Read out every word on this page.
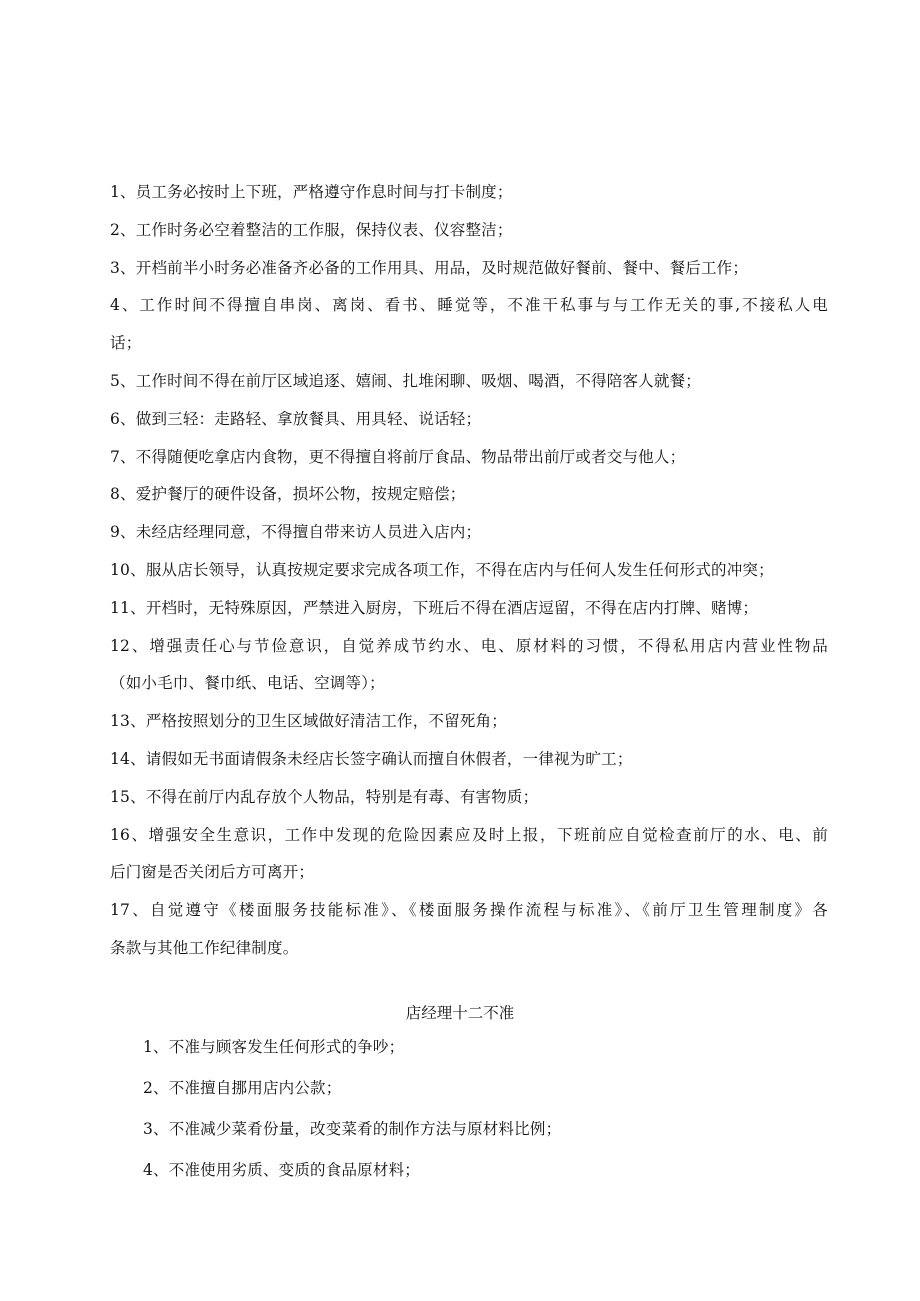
1、员工务必按时上下班，严格遵守作息时间与打卡制度；
2、工作时务必空着整洁的工作服，保持仪表、仪容整洁；
3、开档前半小时务必准备齐必备的工作用具、用品，及时规范做好餐前、餐中、餐后工作；
4、工作时间不得擅自串岗、离岗、看书、睡觉等，不准干私事与与工作无关的事,不接私人电
话；
5、工作时间不得在前厅区域追逐、嬉闹、扎堆闲聊、吸烟、喝酒，不得陪客人就餐；
6、做到三轻：走路轻、拿放餐具、用具轻、说话轻；
7、不得随便吃拿店内食物，更不得擅自将前厅食品、物品带出前厅或者交与他人；
8、爱护餐厅的硬件设备，损坏公物，按规定赔偿；
9、未经店经理同意，不得擅自带来访人员进入店内；
10、服从店长领导，认真按规定要求完成各项工作，不得在店内与任何人发生任何形式的冲突；
11、开档时，无特殊原因，严禁进入厨房，下班后不得在酒店逗留，不得在店内打牌、赌博；
12、增强责任心与节俭意识，自觉养成节约水、电、原材料的习惯，不得私用店内营业性物品
（如小毛巾、餐巾纸、电话、空调等）；
13、严格按照划分的卫生区域做好清洁工作，不留死角；
14、请假如无书面请假条未经店长签字确认而擅自休假者，一律视为旷工；
15、不得在前厅内乱存放个人物品，特别是有毒、有害物质；
16、增强安全生意识，工作中发现的危险因素应及时上报，下班前应自觉检查前厅的水、电、前
后门窗是否关闭后方可离开；
17、自觉遵守《楼面服务技能标准》、《楼面服务操作流程与标准》、《前厅卫生管理制度》各
条款与其他工作纪律制度。
店经理十二不准
1、不准与顾客发生任何形式的争吵；
2、不准擅自挪用店内公款；
3、不准减少菜肴份量，改变菜肴的制作方法与原材料比例；
4、不准使用劣质、变质的食品原材料；
